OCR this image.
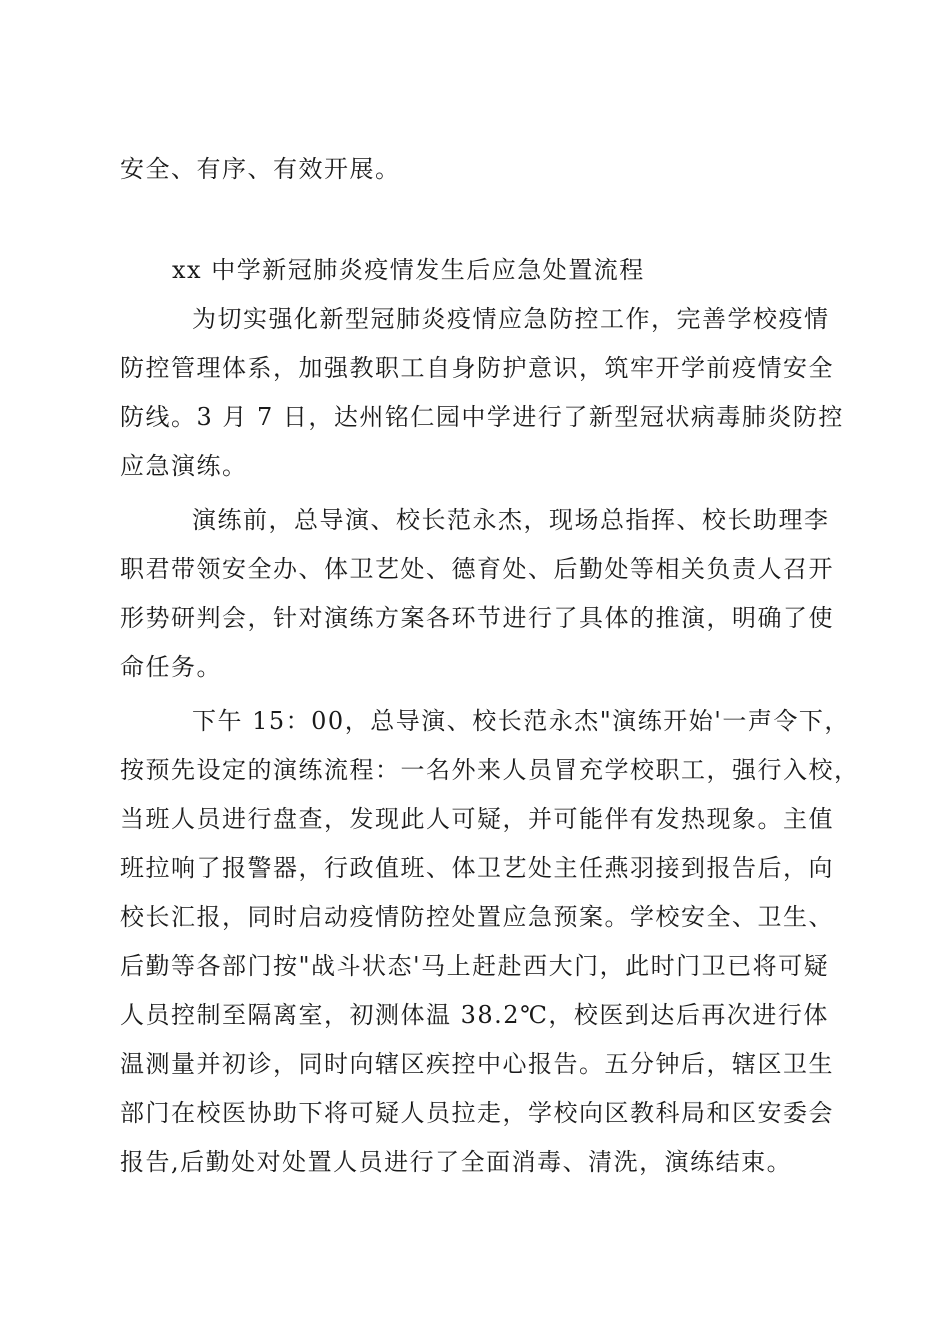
安全、有序、有效开展。

xx 中学新冠肺炎疫情发生后应急处置流程

为切实强化新型冠肺炎疫情应急防控工作，完善学校疫情

防控管理体系，加强教职工自身防护意识，筑牢开学前疫情安全

防线。3 月 7 日，达州铭仁园中学进行了新型冠状病毒肺炎防控

应急演练。

演练前，总导演、校长范永杰，现场总指挥、校长助理李

职君带领安全办、体卫艺处、德育处、后勤处等相关负责人召开

形势研判会，针对演练方案各环节进行了具体的推演，明确了使

命任务。

下午 15：00，总导演、校长范永杰"演练开始'一声令下，

按预先设定的演练流程：一名外来人员冒充学校职工，强行入校，

当班人员进行盘查，发现此人可疑，并可能伴有发热现象。主值

班拉响了报警器，行政值班、体卫艺处主任燕羽接到报告后，向

校长汇报，同时启动疫情防控处置应急预案。学校安全、卫生、

后勤等各部门按"战斗状态'马上赶赴西大门，此时门卫已将可疑

人员控制至隔离室，初测体温 38.2℃，校医到达后再次进行体

温测量并初诊，同时向辖区疾控中心报告。五分钟后，辖区卫生

部门在校医协助下将可疑人员拉走，学校向区教科局和区安委会

报告,后勤处对处置人员进行了全面消毒、清洗，演练结束。
